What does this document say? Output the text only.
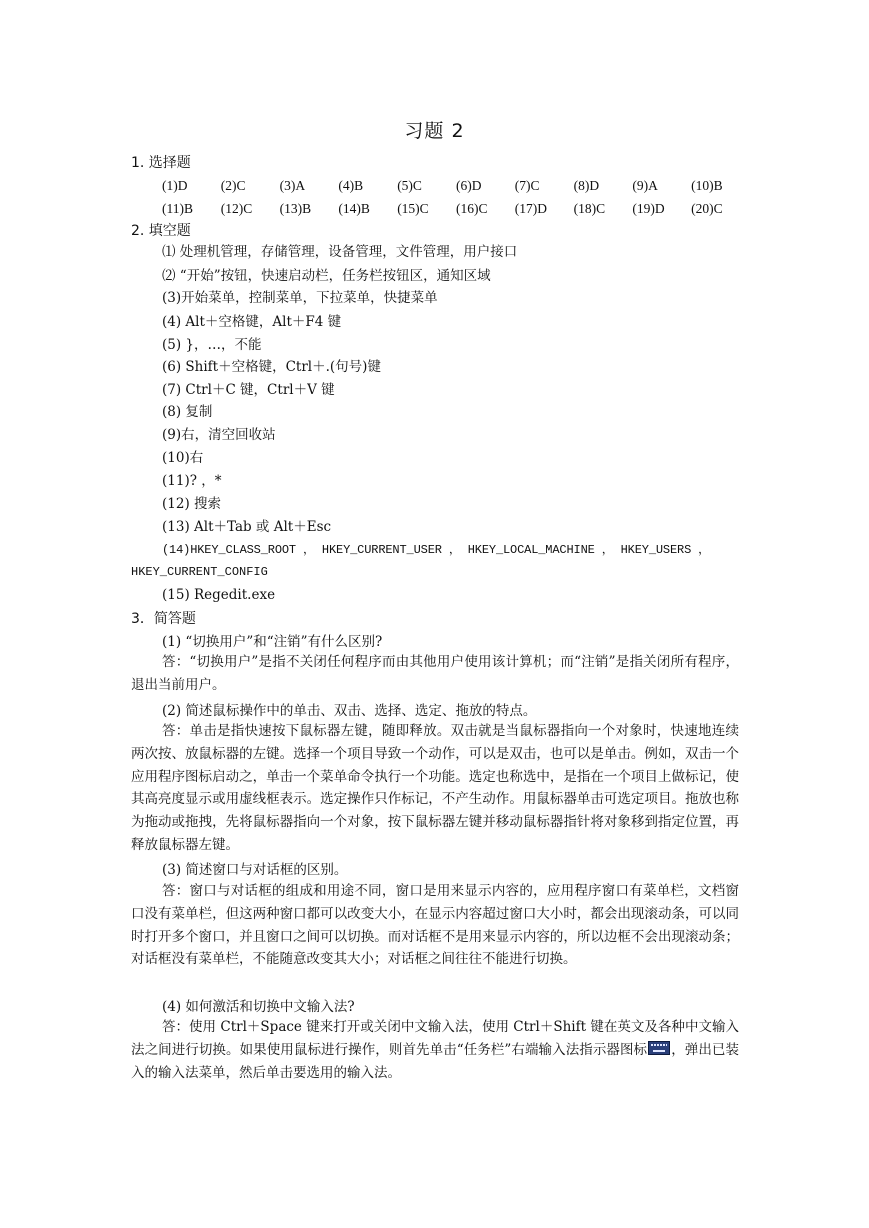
习题 2
1. 选择题
(1)D	(2)C	(3)A	(4)B	(5)C	(6)D	(7)C	(8)D	(9)A	(10)B
(11)B	(12)C	(13)B	(14)B	(15)C	(16)C	(17)D	(18)C	(19)D	(20)C
2. 填空题
⑴ 处理机管理，存储管理，设备管理，文件管理，用户接口
⑵ “开始”按钮，快速启动栏，任务栏按钮区，通知区域
(3)开始菜单，控制菜单，下拉菜单，快捷菜单
(4) Alt＋空格键，Alt＋F4 键
(5) }，…，不能
(6) Shift＋空格键，Ctrl＋.(句号)键
(7) Ctrl＋C 键，Ctrl＋V 键
(8) 复制
(9)右，清空回收站
(10)右
(11)? ，*
(12) 搜索
(13) Alt＋Tab 或 Alt＋Esc
(14)HKEY_CLASS_ROOT ， HKEY_CURRENT_USER ， HKEY_LOCAL_MACHINE ， HKEY_USERS ，
HKEY_CURRENT_CONFIG
(15) Regedit.exe
3．简答题
(1) “切换用户”和“注销”有什么区别?
答：“切换用户”是指不关闭任何程序而由其他用户使用该计算机；而“注销”是指关闭所有程序，退出当前用户。
(2) 简述鼠标操作中的单击、双击、选择、选定、拖放的特点。
答：单击是指快速按下鼠标器左键，随即释放。双击就是当鼠标器指向一个对象时，快速地连续两次按、放鼠标器的左键。选择一个项目导致一个动作，可以是双击，也可以是单击。例如，双击一个应用程序图标启动之，单击一个菜单命令执行一个功能。选定也称选中，是指在一个项目上做标记，使其高亮度显示或用虚线框表示。选定操作只作标记，不产生动作。用鼠标器单击可选定项目。拖放也称为拖动或拖拽，先将鼠标器指向一个对象，按下鼠标器左键并移动鼠标器指针将对象移到指定位置，再释放鼠标器左键。
(3) 简述窗口与对话框的区别。
答：窗口与对话框的组成和用途不同，窗口是用来显示内容的，应用程序窗口有菜单栏，文档窗口没有菜单栏，但这两种窗口都可以改变大小，在显示内容超过窗口大小时，都会出现滚动条，可以同时打开多个窗口，并且窗口之间可以切换。而对话框不是用来显示内容的，所以边框不会出现滚动条；对话框没有菜单栏，不能随意改变其大小；对话框之间往往不能进行切换。
(4) 如何激活和切换中文输入法?
答：使用 Ctrl＋Space 键来打开或关闭中文输入法，使用 Ctrl＋Shift 键在英文及各种中文输入法之间进行切换。如果使用鼠标进行操作，则首先单击“任务栏”右端输入法指示器图标 ，弹出已装入的输入法菜单，然后单击要选用的输入法。
